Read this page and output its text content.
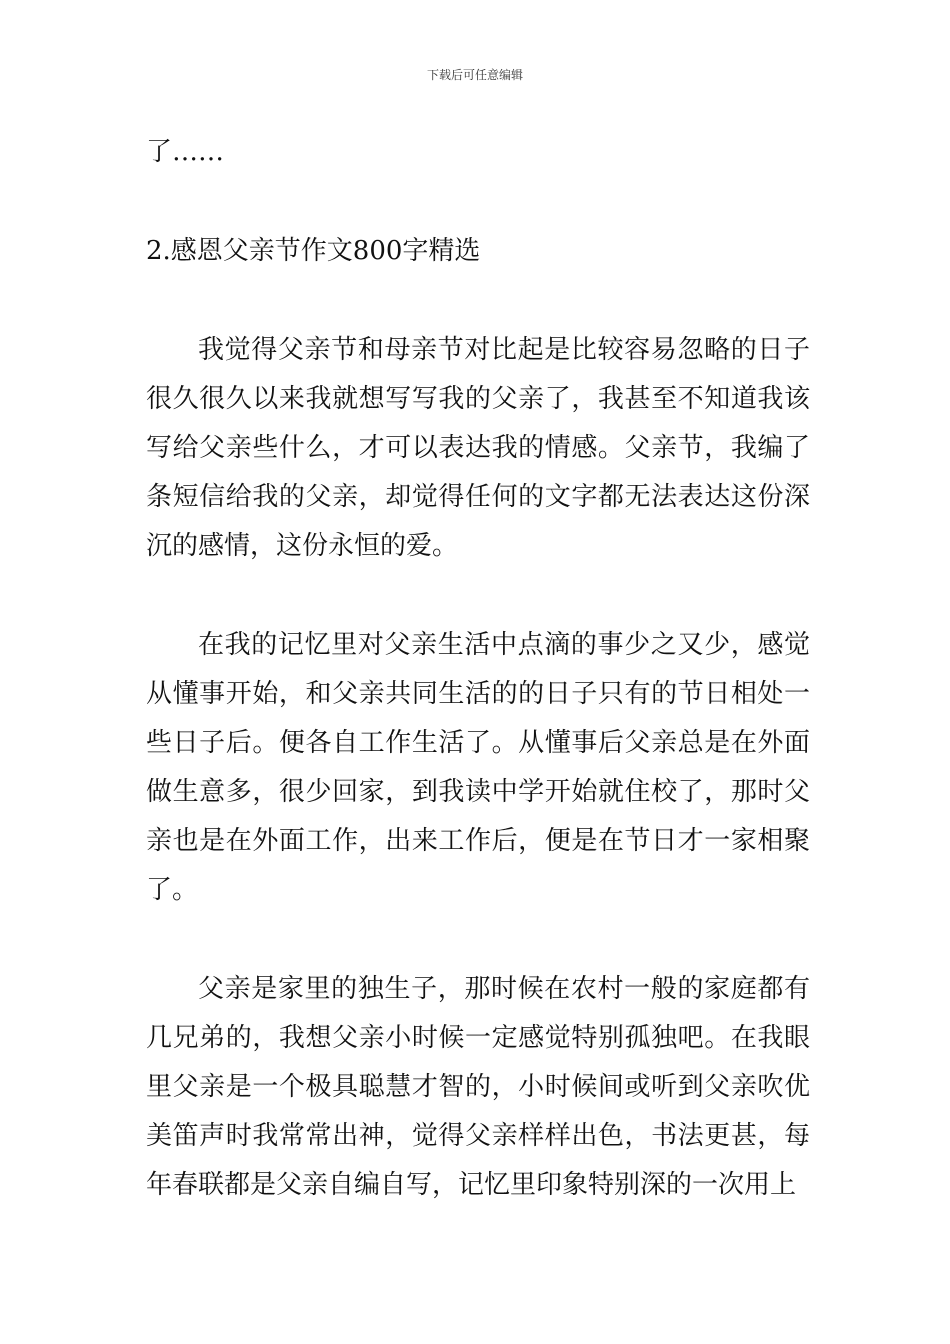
下载后可任意编辑

了……

2.感恩父亲节作文800字精选

我觉得父亲节和母亲节对比起是比较容易忽略的日子很久很久以来我就想写写我的父亲了，我甚至不知道我该写给父亲些什么，才可以表达我的情感。父亲节，我编了条短信给我的父亲，却觉得任何的文字都无法表达这份深沉的感情，这份永恒的爱。

在我的记忆里对父亲生活中点滴的事少之又少，感觉从懂事开始，和父亲共同生活的的日子只有的节日相处一些日子后。便各自工作生活了。从懂事后父亲总是在外面做生意多，很少回家，到我读中学开始就住校了，那时父亲也是在外面工作，出来工作后，便是在节日才一家相聚了。

父亲是家里的独生子，那时候在农村一般的家庭都有几兄弟的，我想父亲小时候一定感觉特别孤独吧。在我眼里父亲是一个极具聪慧才智的，小时候间或听到父亲吹优美笛声时我常常出神，觉得父亲样样出色，书法更甚，每年春联都是父亲自编自写，记忆里印象特别深的一次用上
